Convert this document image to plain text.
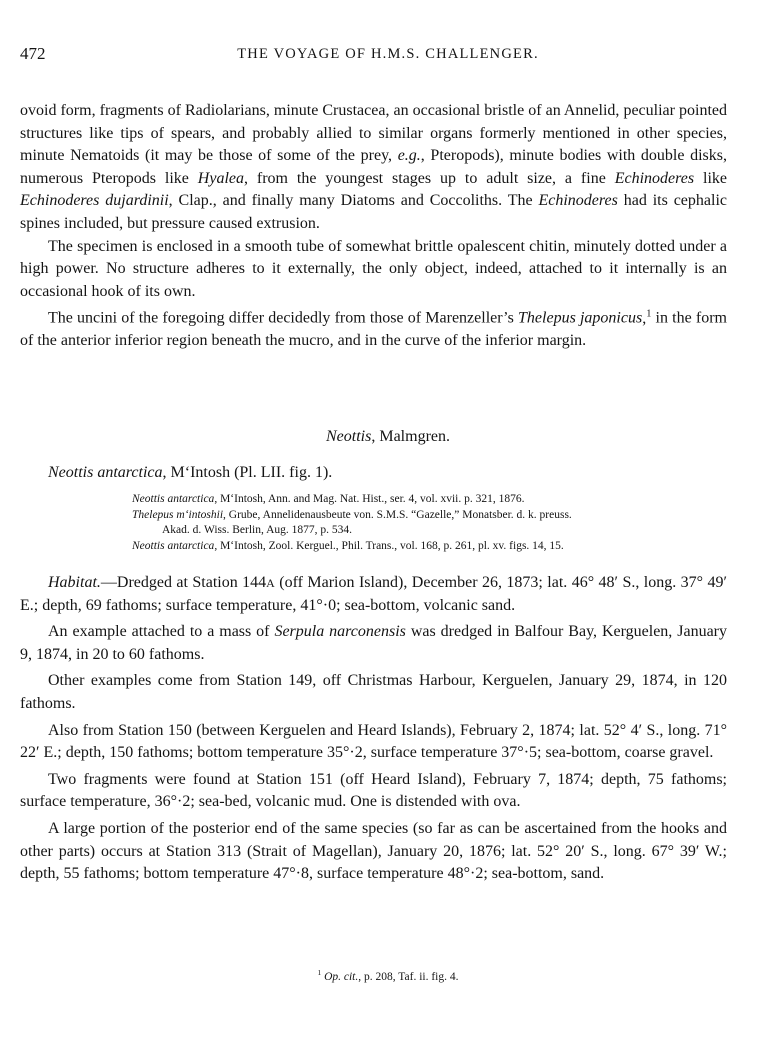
472	THE VOYAGE OF H.M.S. CHALLENGER.

ovoid form, fragments of Radiolarians, minute Crustacea, an occasional bristle of an Annelid, peculiar pointed structures like tips of spears, and probably allied to similar organs formerly mentioned in other species, minute Nematoids (it may be those of some of the prey, e.g., Pteropods), minute bodies with double disks, numerous Pteropods like Hyalea, from the youngest stages up to adult size, a fine Echinoderes like Echinoderes dujardinii, Clap., and finally many Diatoms and Coccoliths. The Echinoderes had its cephalic spines included, but pressure caused extrusion.

The specimen is enclosed in a smooth tube of somewhat brittle opalescent chitin, minutely dotted under a high power. No structure adheres to it externally, the only object, indeed, attached to it internally is an occasional hook of its own.

The uncini of the foregoing differ decidedly from those of Marenzeller’s Thelepus japonicus,$^1$ in the form of the anterior inferior region beneath the mucro, and in the curve of the inferior margin.

Neottis, Malmgren.
Neottis antarctica, M‘Intosh (Pl. LII. fig. 1).
Neottis antarctica, M‘Intosh, Ann. and Mag. Nat. Hist., ser. 4, vol. xvii. p. 321, 1876.
Thelepus m‘intoshii, Grube, Annelidenausbeute von. S.M.S. “Gazelle,” Monatsber. d. k. preuss.
Akad. d. Wiss. Berlin, Aug. 1877, p. 534.
Neottis antarctica, M‘Intosh, Zool. Kerguel., Phil. Trans., vol. 168, p. 261, pl. xv. figs. 14, 15.

Habitat.—Dredged at Station 144A (off Marion Island), December 26, 1873; lat. 46° 48′ S., long. 37° 49′ E.; depth, 69 fathoms; surface temperature, 41°·0; sea-bottom, volcanic sand.

An example attached to a mass of Serpula narconensis was dredged in Balfour Bay, Kerguelen, January 9, 1874, in 20 to 60 fathoms.

Other examples come from Station 149, off Christmas Harbour, Kerguelen, January 29, 1874, in 120 fathoms.

Also from Station 150 (between Kerguelen and Heard Islands), February 2, 1874; lat. 52° 4′ S., long. 71° 22′ E.; depth, 150 fathoms; bottom temperature 35°·2, surface temperature 37°·5; sea-bottom, coarse gravel.

Two fragments were found at Station 151 (off Heard Island), February 7, 1874; depth, 75 fathoms; surface temperature, 36°·2; sea-bed, volcanic mud. One is distended with ova.

A large portion of the posterior end of the same species (so far as can be ascertained from the hooks and other parts) occurs at Station 313 (Strait of Magellan), January 20, 1876; lat. 52° 20′ S., long. 67° 39′ W.; depth, 55 fathoms; bottom temperature 47°·8, surface temperature 48°·2; sea-bottom, sand.

$^1$ Op. cit., p. 208, Taf. ii. fig. 4.
